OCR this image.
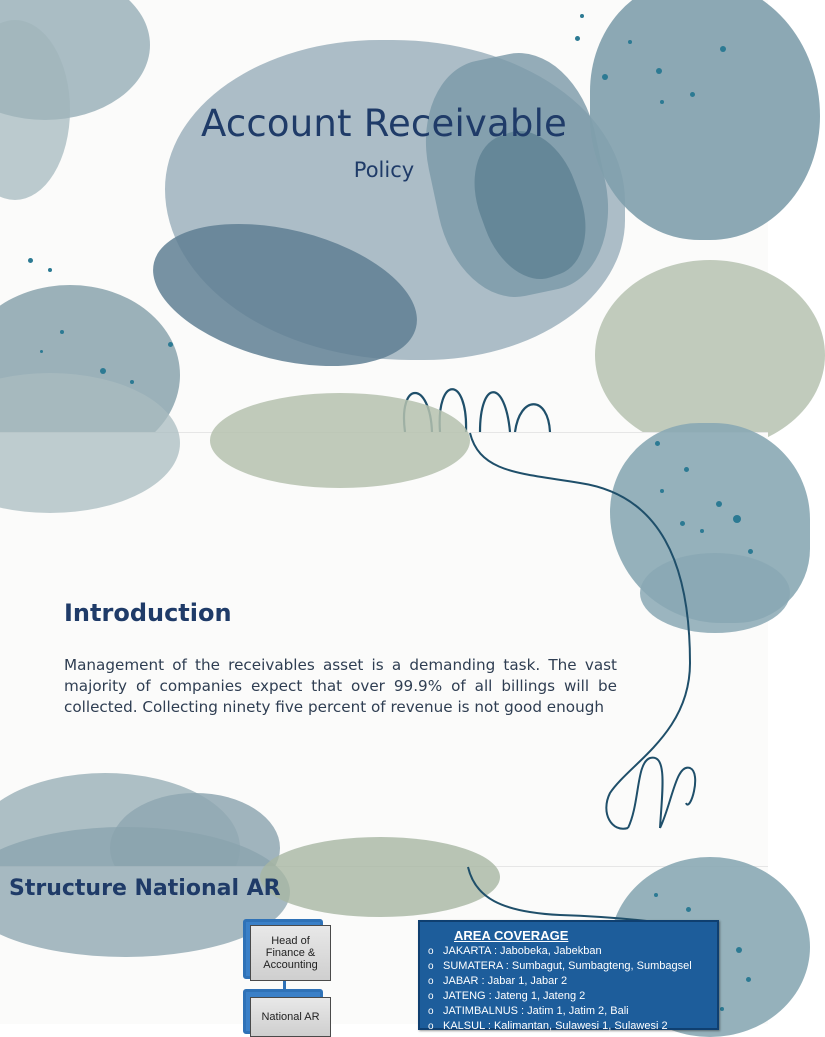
Account Receivable
Policy
Introduction
Management of the receivables asset is a demanding task. The vast majority of companies expect that over 99.9% of all billings will be collected. Collecting ninety five percent of revenue is not good enough
Structure National AR
Head of Finance & Accounting
National AR
AREA COVERAGE
o JAKARTA : Jabobeka, Jabekban
o SUMATERA : Sumbagut, Sumbagteng, Sumbagsel
o JABAR : Jabar 1, Jabar 2
o JATENG : Jateng 1, Jateng 2
o JATIMBALNUS : Jatim 1, Jatim 2, Bali
o KALSUL : Kalimantan, Sulawesi 1, Sulawesi 2
